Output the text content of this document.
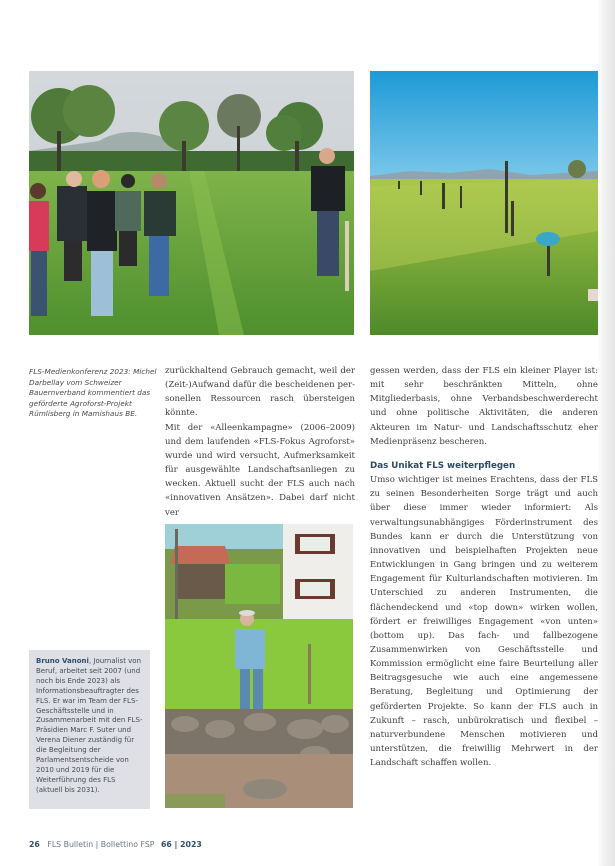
FLS-Medienkonferenz 2023: Michel Darbellay vom Schweizer Bauernverband kommentiert das geförderte Agroforst-Projekt Rümlisberg in Mamishaus BE.

zurückhaltend Gebrauch gemacht, weil der (Zeit-)Aufwand dafür die bescheidenen personellen Ressourcen rasch übersteigen könnte.

Mit der «Alleenkampagne» (2006–2009) und dem laufenden «FLS-Fokus Agroforst» wurde und wird versucht, Aufmerksamkeit für ausgewählte Landschaftsanliegen zu wecken. Aktuell sucht der FLS auch nach «innovativen Ansätzen». Dabei darf nicht ver

gessen werden, dass der FLS ein kleiner Player ist: mit sehr beschränkten Mitteln, ohne Mitgliederbasis, ohne Verbandsbeschwerderecht und ohne politische Aktivitäten, die anderen Akteuren im Natur- und Landschaftsschutz eher Medienpräsenz bescheren.

Das Unikat FLS weiterpflegen

Umso wichtiger ist meines Erachtens, dass der FLS zu seinen Besonderheiten Sorge trägt und auch über diese immer wieder informiert: Als verwaltungsunabhängiges Förderinstrument des Bundes kann er durch die Unterstützung von innovativen und beispielhaften Projekten neue Entwicklungen in Gang bringen und zu weiterem Engagement für Kulturlandschaften motivieren. Im Unterschied zu anderen Instrumenten, die flächendeckend und «top down» wirken wollen, fördert er freiwilliges Engagement «von unten» (bottom up). Das fach- und fallbezogene Zusammenwirken von Geschäftsstelle und Kommission ermöglicht eine faire Beurteilung aller Beitragsgesuche wie auch eine angemessene Beratung, Begleitung und Optimierung der geförderten Projekte. So kann der FLS auch in Zukunft – rasch, unbürokratisch und flexibel – naturverbundene Menschen motivieren und unterstützen, die freiwillig Mehrwert in der Landschaft schaffen wollen.

Bruno Vanoni, Journalist von Beruf, arbeitet seit 2007 (und noch bis Ende 2023) als Informationsbeauftragter des FLS. Er war im Team der FLS-Geschäftsstelle und in Zusammenarbeit mit den FLS-Präsidien Marc F. Suter und Verena Diener zuständig für die Begleitung der Parlamentsentscheide von 2010 und 2019 für die Weiterführung des FLS (aktuell bis 2031).
26 FLS Bulletin | Bollettino FSP 66 | 2023
